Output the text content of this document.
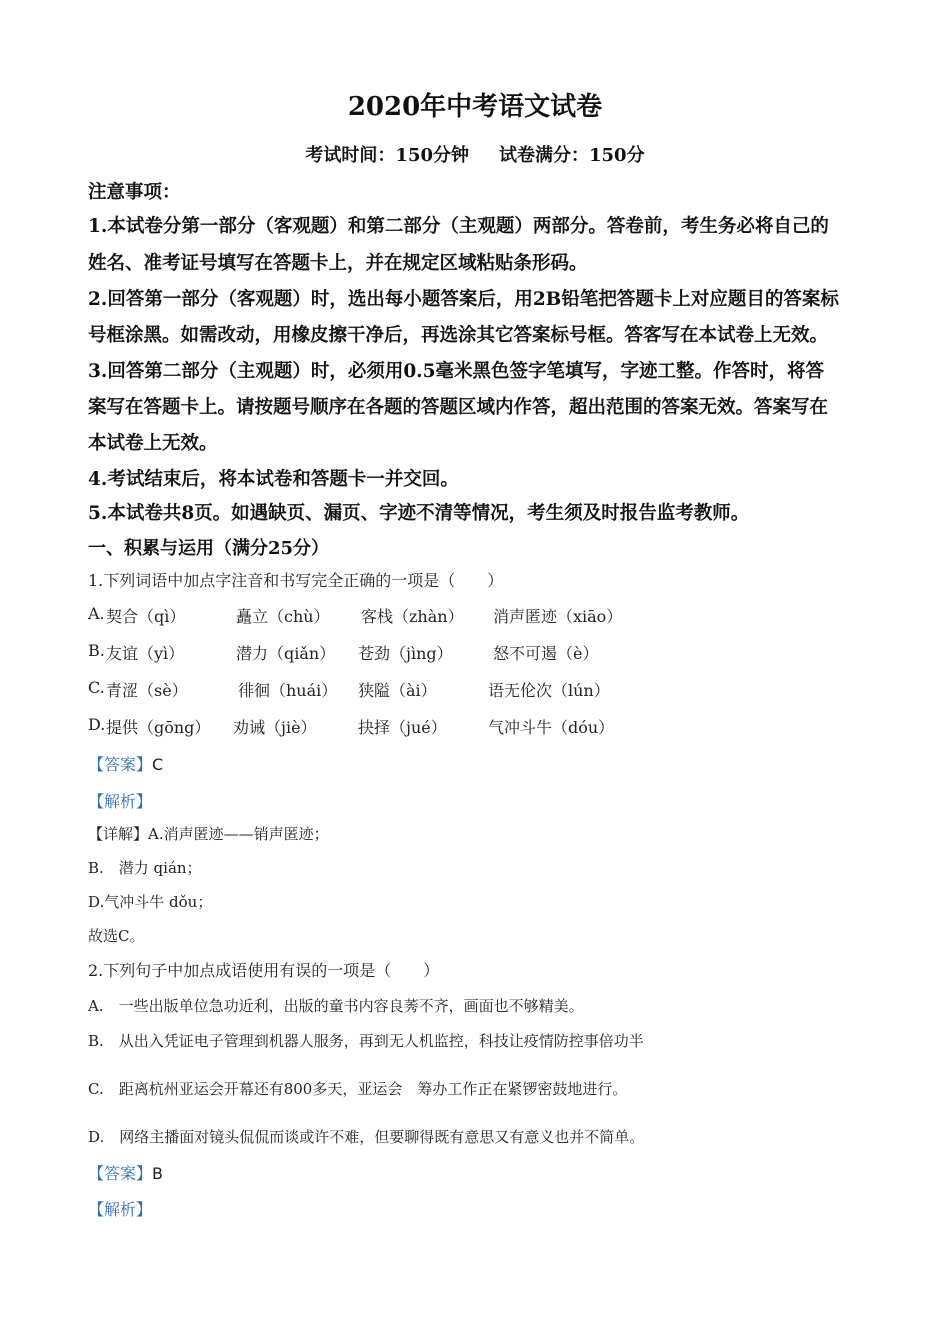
2020年中考语文试卷
考试时间：150分钟 试卷满分：150分
注意事项：
1.本试卷分第一部分（客观题）和第二部分（主观题）两部分。答卷前，考生务必将自己的
姓名、准考证号填写在答题卡上，并在规定区域粘贴条形码。
2.回答第一部分（客观题）时，选出每小题答案后，用2B铅笔把答题卡上对应题目的答案标
号框涂黑。如需改动，用橡皮擦干净后，再选涂其它答案标号框。答客写在本试卷上无效。
3.回答第二部分（主观题）时，必须用0.5毫米黑色签字笔填写，字迹工整。作答时，将答
案写在答题卡上。请按题号顺序在各题的答题区域内作答，超出范围的答案无效。答案写在
本试卷上无效。
4.考试结束后，将本试卷和答题卡一并交回。
5.本试卷共8页。如遇缺页、漏页、字迹不清等情况，考生须及时报告监考教师。
一、积累与运用（满分25分）
1.下列词语中加点字注音和书写完全正确的一项是（　　）
A. 契合（qì）	矗立（chù） 客栈（zhàn） 消声匿迹（xiāo）
B. 友谊（yì）	潜力（qiǎn） 苍劲（jìng）	怒不可遏（è）
C. 青涩（sè）	徘徊（huái） 狭隘（ài）	语无伦次（lún）
D. 提供（gōng） 劝诫（jiè）	抉择（jué）	气冲斗牛（dóu）
【答案】C
【解析】
【详解】A.消声匿迹——销声匿迹；
B.　潜力 qián；
D.气冲斗牛 dǒu；
故选C。
2.下列句子中加点成语使用有误的一项是（　　）
A.　一些出版单位急功近利，出版的童书内容良莠不齐，画面也不够精美。
B.　从出入凭证电子管理到机器人服务，再到无人机监控，科技让疫情防控事倍功半
C.　距离杭州亚运会开幕还有800多天，亚运会　筹办工作正在紧锣密鼓地进行。
D.　网络主播面对镜头侃侃而谈或许不难，但要聊得既有意思又有意义也并不简单。
【答案】B
【解析】
